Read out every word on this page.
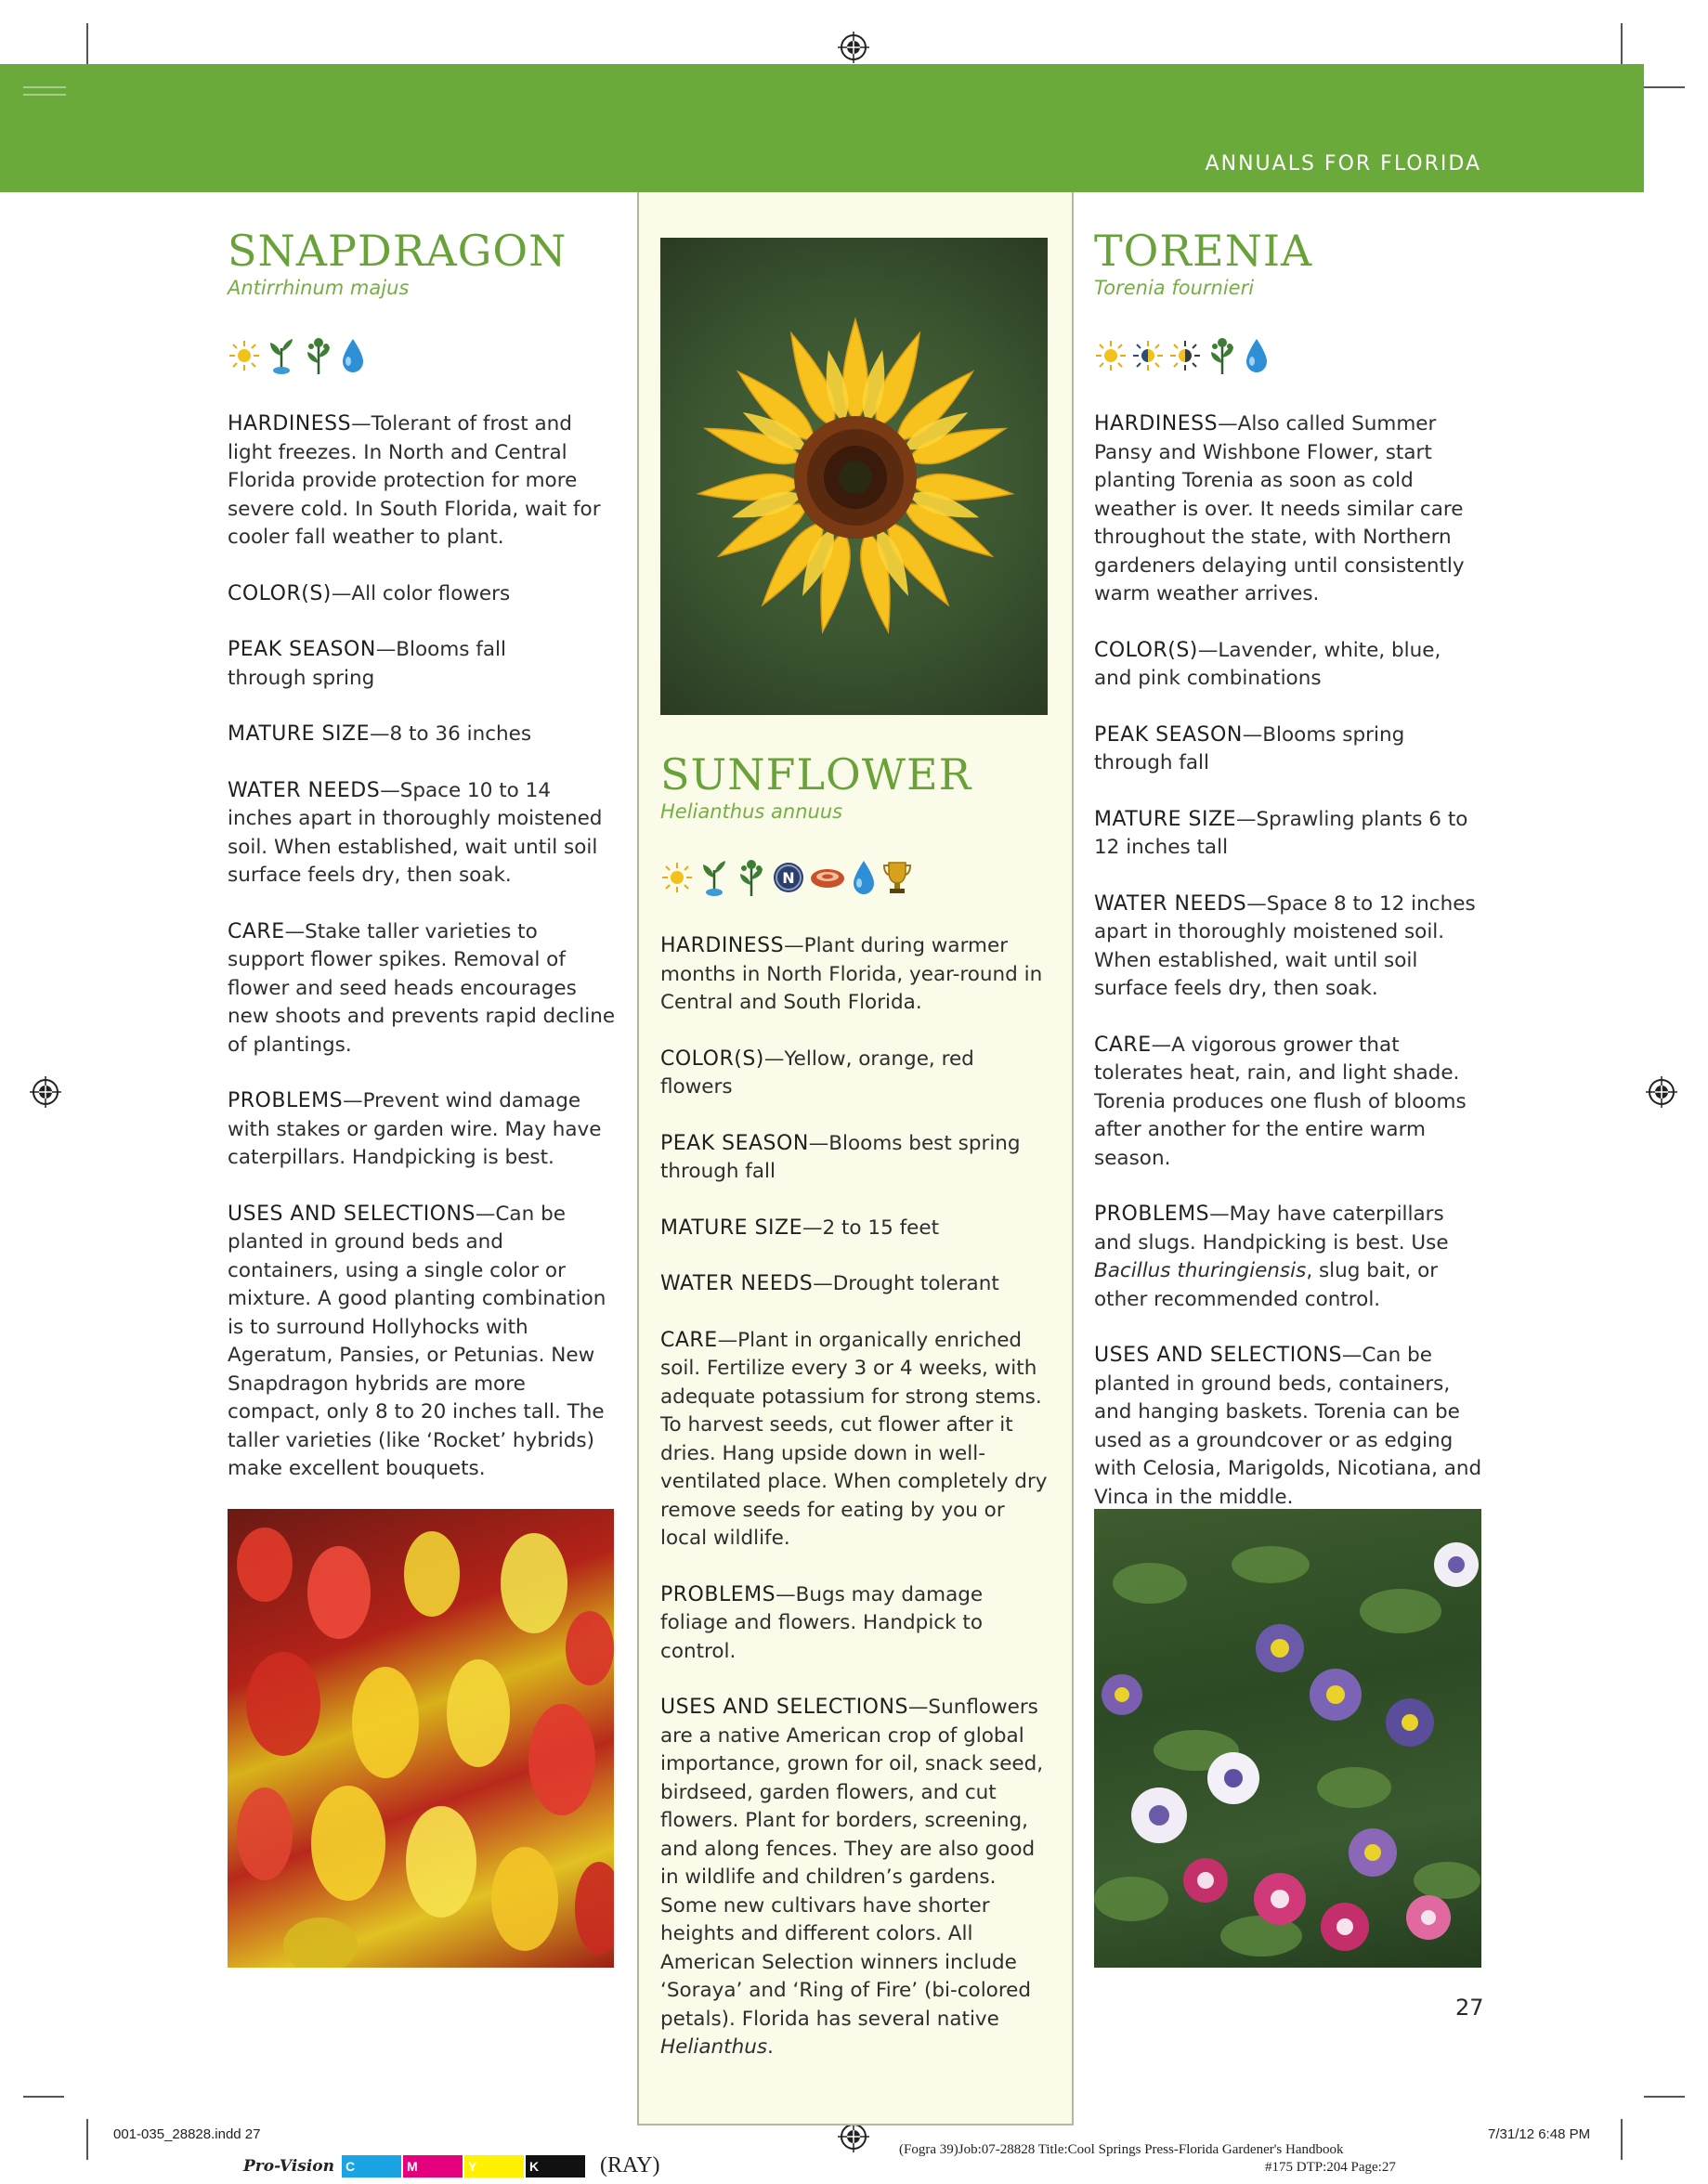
ANNUALS FOR FLORIDA
SNAPDRAGON
Antirrhinum majus

HARDINESS—Tolerant of frost and light freezes. In North and Central Florida provide protection for more severe cold. In South Florida, wait for cooler fall weather to plant.

COLOR(S)—All color flowers

PEAK SEASON—Blooms fall through spring

MATURE SIZE—8 to 36 inches

WATER NEEDS—Space 10 to 14 inches apart in thoroughly moistened soil. When established, wait until soil surface feels dry, then soak.

CARE—Stake taller varieties to support flower spikes. Removal of flower and seed heads encourages new shoots and prevents rapid decline of plantings.

PROBLEMS—Prevent wind damage with stakes or garden wire. May have caterpillars. Handpicking is best.

USES AND SELECTIONS—Can be planted in ground beds and containers, using a single color or mixture. A good planting combination is to surround Hollyhocks with Ageratum, Pansies, or Petunias. New Snapdragon hybrids are more compact, only 8 to 20 inches tall. The taller varieties (like ‘Rocket’ hybrids) make excellent bouquets.

SUNFLOWER
Helianthus annuus
N

HARDINESS—Plant during warmer months in North Florida, year-round in Central and South Florida.

COLOR(S)—Yellow, orange, red flowers

PEAK SEASON—Blooms best spring through fall

MATURE SIZE—2 to 15 feet

WATER NEEDS—Drought tolerant

CARE—Plant in organically enriched soil. Fertilize every 3 or 4 weeks, with adequate potassium for strong stems. To harvest seeds, cut flower after it dries. Hang upside down in well-ventilated place. When completely dry remove seeds for eating by you or local wildlife.

PROBLEMS—Bugs may damage foliage and flowers. Handpick to control.

USES AND SELECTIONS—Sunflowers are a native American crop of global importance, grown for oil, snack seed, birdseed, garden flowers, and cut flowers. Plant for borders, screening, and along fences. They are also good in wildlife and children’s gardens. Some new cultivars have shorter heights and different colors. All American Selection winners include ‘Soraya’ and ‘Ring of Fire’ (bi-colored petals). Florida has several native Helianthus.

TORENIA
Torenia fournieri

HARDINESS—Also called Summer Pansy and Wishbone Flower, start planting Torenia as soon as cold weather is over. It needs similar care throughout the state, with Northern gardeners delaying until consistently warm weather arrives.

COLOR(S)—Lavender, white, blue, and pink combinations

PEAK SEASON—Blooms spring through fall

MATURE SIZE—Sprawling plants 6 to 12 inches tall

WATER NEEDS—Space 8 to 12 inches apart in thoroughly moistened soil. When established, wait until soil surface feels dry, then soak.

CARE—A vigorous grower that tolerates heat, rain, and light shade. Torenia produces one flush of blooms after another for the entire warm season.

PROBLEMS—May have caterpillars and slugs. Handpicking is best. Use Bacillus thuringiensis, slug bait, or other recommended control.

USES AND SELECTIONS—Can be planted in ground beds, containers, and hanging baskets. Torenia can be used as a groundcover or as edging with Celosia, Marigolds, Nicotiana, and Vinca in the middle.

27
001-035_28828.indd 27	7/31/12 6:48 PM
Pro-Vision C	M	Y	K	(RAY)
(Fogra 39)Job:07-28828 Title:Cool Springs Press-Florida Gardener's Handbook
#175 DTP:204 Page:27
